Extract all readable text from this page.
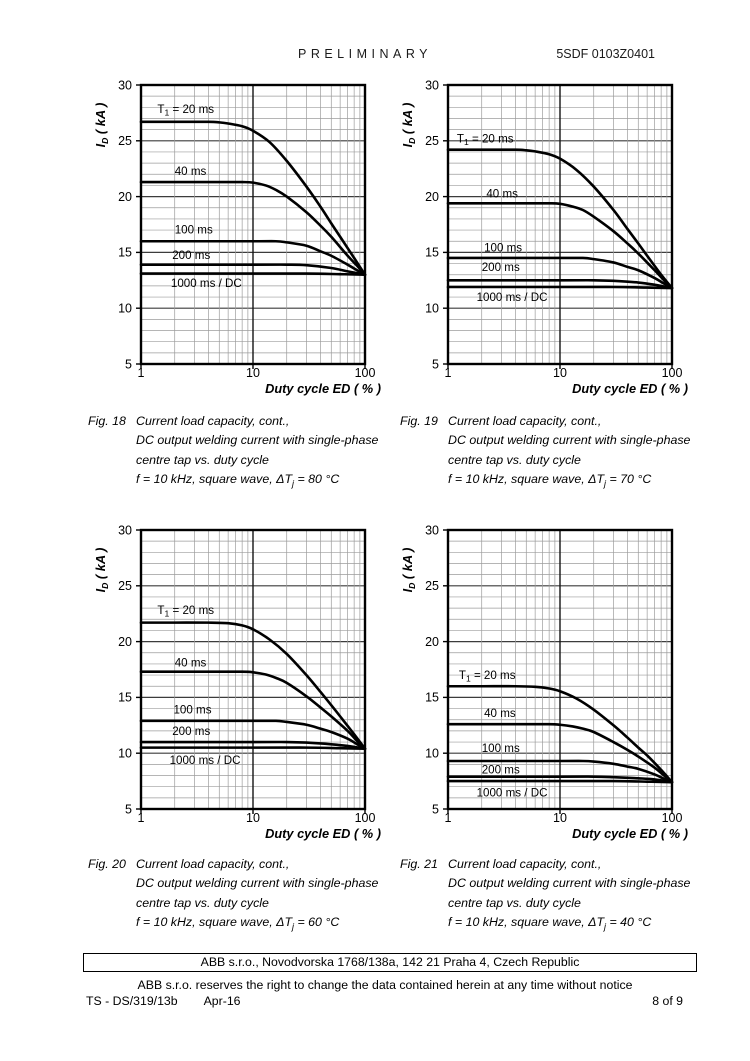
PRELIMINARY	5SDF 0103Z0401
5
10
15
20
25
30
1	10	100
$T_1 = 20$ ms
40 ms
100 ms
200 ms
1000 ms / DC
Duty cycle ED ( % )
$I_D$ ( kA )
5
10
15
20
25
30
1	10	100
$T_1 = 20$ ms
40 ms
100 ms
200 ms
1000 ms / DC
Duty cycle ED ( % )
$I_D$ ( kA )
5
10
15
20
25
30
1	10	100
$T_1 = 20$ ms
40 ms
100 ms
200 ms
1000 ms / DC
Duty cycle ED ( % )
$I_D$ ( kA )
5
10
15
20
25
30
1	10	100
$T_1 = 20$ ms
40 ms
100 ms
200 ms
1000 ms / DC
Duty cycle ED ( % )
$I_D$ ( kA )
Fig. 18 Current load capacity, cont.,
DC output welding current with single-phase
centre tap vs. duty cycle
f = 10 kHz, square wave, $\Delta T_j = 80$ °C
Fig. 19 Current load capacity, cont.,
DC output welding current with single-phase
centre tap vs. duty cycle
f = 10 kHz, square wave, $\Delta T_j = 70$ °C
Fig. 20 Current load capacity, cont.,
DC output welding current with single-phase
centre tap vs. duty cycle
f = 10 kHz, square wave, $\Delta T_j = 60$ °C
Fig. 21 Current load capacity, cont.,
DC output welding current with single-phase
centre tap vs. duty cycle
f = 10 kHz, square wave, $\Delta T_j = 40$ °C
ABB s.r.o., Novodvorska 1768/138a, 142 21 Praha 4, Czech Republic
ABB s.r.o. reserves the right to change the data contained herein at any time without notice
TS - DS/319/13b Apr-16	8 of 9
